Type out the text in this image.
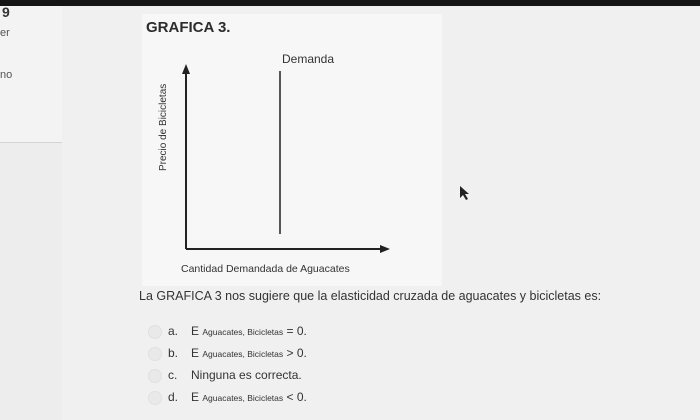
9
er
no
GRAFICA 3.
Demanda
Precio de Bicicletas
Cantidad Demandada de Aguacates
La GRAFICA 3 nos sugiere que la elasticidad cruzada de aguacates y bicicletas es:
a. E Aguacates, Bicicletas = 0.
b. E Aguacates, Bicicletas > 0.
c. Ninguna es correcta.
d. E Aguacates, Bicicletas < 0.
